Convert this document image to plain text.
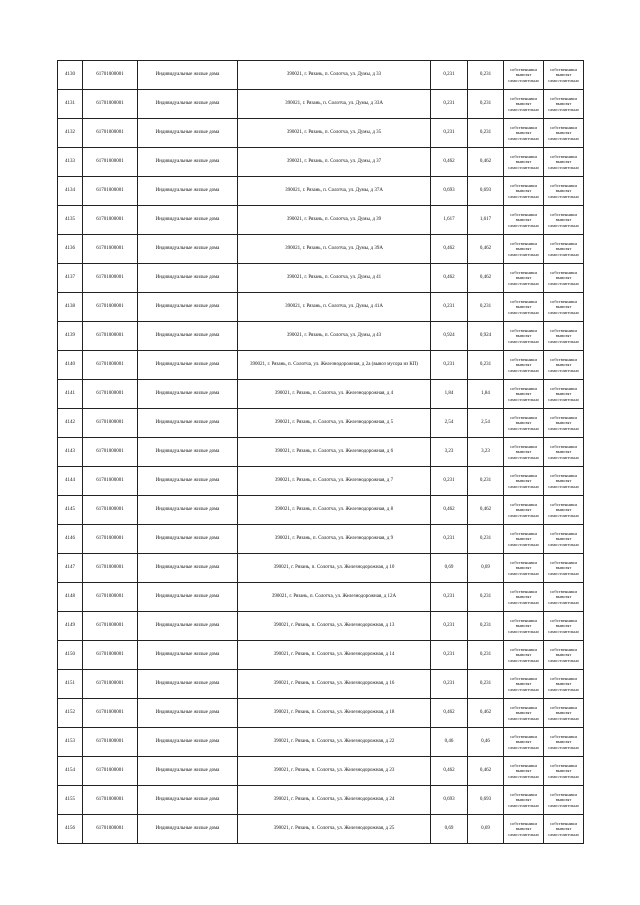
4130	61701000001	Индивидуальные жилые дома	390021, г. Рязань, п. Солотча, ул. Думы, д 33	0,231	0,231	собственники вывозят самостоятельно	собственники вывозят самостоятельно
4131	61701000001	Индивидуальные жилые дома	390021, г. Рязань, п. Солотча, ул. Думы, д 33А	0,231	0,231	собственники вывозят самостоятельно	собственники вывозят самостоятельно
4132	61701000001	Индивидуальные жилые дома	390021, г. Рязань, п. Солотча, ул. Думы, д 35	0,231	0,231	собственники вывозят самостоятельно	собственники вывозят самостоятельно
4133	61701000001	Индивидуальные жилые дома	390021, г. Рязань, п. Солотча, ул. Думы, д 37	0,462	0,462	собственники вывозят самостоятельно	собственники вывозят самостоятельно
4134	61701000001	Индивидуальные жилые дома	390021, г. Рязань, п. Солотча, ул. Думы, д 37А	0,693	0,693	собственники вывозят самостоятельно	собственники вывозят самостоятельно
4135	61701000001	Индивидуальные жилые дома	390021, г. Рязань, п. Солотча, ул. Думы, д 39	1,617	1,617	собственники вывозят самостоятельно	собственники вывозят самостоятельно
4136	61701000001	Индивидуальные жилые дома	390021, г. Рязань, п. Солотча, ул. Думы, д 39А	0,462	0,462	собственники вывозят самостоятельно	собственники вывозят самостоятельно
4137	61701000001	Индивидуальные жилые дома	390021, г. Рязань, п. Солотча, ул. Думы, д 41	0,462	0,462	собственники вывозят самостоятельно	собственники вывозят самостоятельно
4138	61701000001	Индивидуальные жилые дома	390021, г. Рязань, п. Солотча, ул. Думы, д 41А	0,231	0,231	собственники вывозят самостоятельно	собственники вывозят самостоятельно
4139	61701000001	Индивидуальные жилые дома	390021, г. Рязань, п. Солотча, ул. Думы, д 43	0,924	0,924	собственники вывозят самостоятельно	собственники вывозят самостоятельно
4140	61701000001	Индивидуальные жилые дома	390021, г. Рязань, п. Солотча, ул. Железнодорожная, д 2а (вывоз мусора из КП)	0,231	0,231	собственники вывозят самостоятельно	собственники вывозят самостоятельно
4141	61701000001	Индивидуальные жилые дома	390021, г. Рязань, п. Солотча, ул. Железнодорожная, д 4	1,84	1,84	собственники вывозят самостоятельно	собственники вывозят самостоятельно
4142	61701000001	Индивидуальные жилые дома	390021, г. Рязань, п. Солотча, ул. Железнодорожная, д 5	2,54	2,54	собственники вывозят самостоятельно	собственники вывозят самостоятельно
4143	61701000001	Индивидуальные жилые дома	390021, г. Рязань, п. Солотча, ул. Железнодорожная, д 6	3,23	3,23	собственники вывозят самостоятельно	собственники вывозят самостоятельно
4144	61701000001	Индивидуальные жилые дома	390021, г. Рязань, п. Солотча, ул. Железнодорожная, д 7	0,231	0,231	собственники вывозят самостоятельно	собственники вывозят самостоятельно
4145	61701000001	Индивидуальные жилые дома	390021, г. Рязань, п. Солотча, ул. Железнодорожная, д 8	0,462	0,462	собственники вывозят самостоятельно	собственники вывозят самостоятельно
4146	61701000001	Индивидуальные жилые дома	390021, г. Рязань, п. Солотча, ул. Железнодорожная, д 9	0,231	0,231	собственники вывозят самостоятельно	собственники вывозят самостоятельно
4147	61701000001	Индивидуальные жилые дома	390021, г. Рязань, п. Солотча, ул. Железнодорожная, д 10	0,69	0,69	собственники вывозят самостоятельно	собственники вывозят самостоятельно
4148	61701000001	Индивидуальные жилые дома	390021, г. Рязань, п. Солотча, ул. Железнодорожная, д 12А	0,231	0,231	собственники вывозят самостоятельно	собственники вывозят самостоятельно
4149	61701000001	Индивидуальные жилые дома	390021, г. Рязань, п. Солотча, ул. Железнодорожная, д 13	0,231	0,231	собственники вывозят самостоятельно	собственники вывозят самостоятельно
4150	61701000001	Индивидуальные жилые дома	390021, г. Рязань, п. Солотча, ул. Железнодорожная, д 14	0,231	0,231	собственники вывозят самостоятельно	собственники вывозят самостоятельно
4151	61701000001	Индивидуальные жилые дома	390021, г. Рязань, п. Солотча, ул. Железнодорожная, д 16	0,231	0,231	собственники вывозят самостоятельно	собственники вывозят самостоятельно
4152	61701000001	Индивидуальные жилые дома	390021, г. Рязань, п. Солотча, ул. Железнодорожная, д 18	0,462	0,462	собственники вывозят самостоятельно	собственники вывозят самостоятельно
4153	61701000001	Индивидуальные жилые дома	390021, г. Рязань, п. Солотча, ул. Железнодорожная, д 22	0,46	0,46	собственники вывозят самостоятельно	собственники вывозят самостоятельно
4154	61701000001	Индивидуальные жилые дома	390021, г. Рязань, п. Солотча, ул. Железнодорожная, д 23	0,462	0,462	собственники вывозят самостоятельно	собственники вывозят самостоятельно
4155	61701000001	Индивидуальные жилые дома	390021, г. Рязань, п. Солотча, ул. Железнодорожная, д 24	0,693	0,693	собственники вывозят самостоятельно	собственники вывозят самостоятельно
4156	61701000001	Индивидуальные жилые дома	390021, г. Рязань, п. Солотча, ул. Железнодорожная, д 25	0,69	0,69	собственники вывозят самостоятельно	собственники вывозят самостоятельно
